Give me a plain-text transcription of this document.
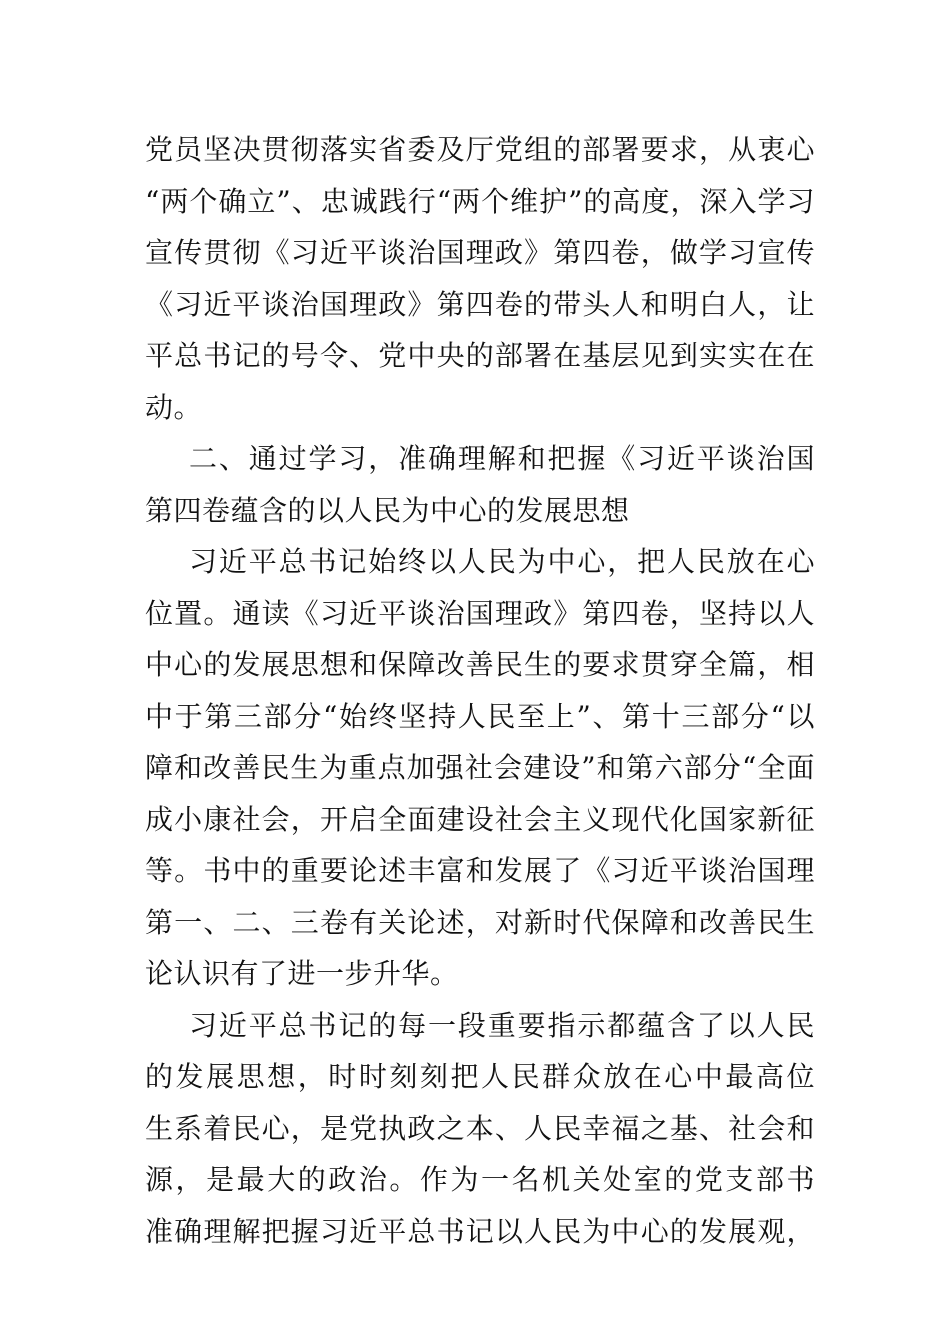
党员坚决贯彻落实省委及厅党组的部署要求，从衷心
“两个确立”、忠诚践行“两个维护”的高度，深入学习
宣传贯彻《习近平谈治国理政》第四卷，做学习宣传
《习近平谈治国理政》第四卷的带头人和明白人，让
平总书记的号令、党中央的部署在基层见到实实在在
动。
二、通过学习，准确理解和把握《习近平谈治国
第四卷蕴含的以人民为中心的发展思想
习近平总书记始终以人民为中心，把人民放在心
位置。通读《习近平谈治国理政》第四卷，坚持以人
中心的发展思想和保障改善民生的要求贯穿全篇，相
中于第三部分“始终坚持人民至上”、第十三部分“以
障和改善民生为重点加强社会建设”和第六部分“全面
成小康社会，开启全面建设社会主义现代化国家新征
等。书中的重要论述丰富和发展了《习近平谈治国理
第一、二、三卷有关论述，对新时代保障和改善民生
论认识有了进一步升华。
习近平总书记的每一段重要指示都蕴含了以人民
的发展思想，时时刻刻把人民群众放在心中最高位
生系着民心，是党执政之本、人民幸福之基、社会和
源，是最大的政治。作为一名机关处室的党支部书
准确理解把握习近平总书记以人民为中心的发展观，
